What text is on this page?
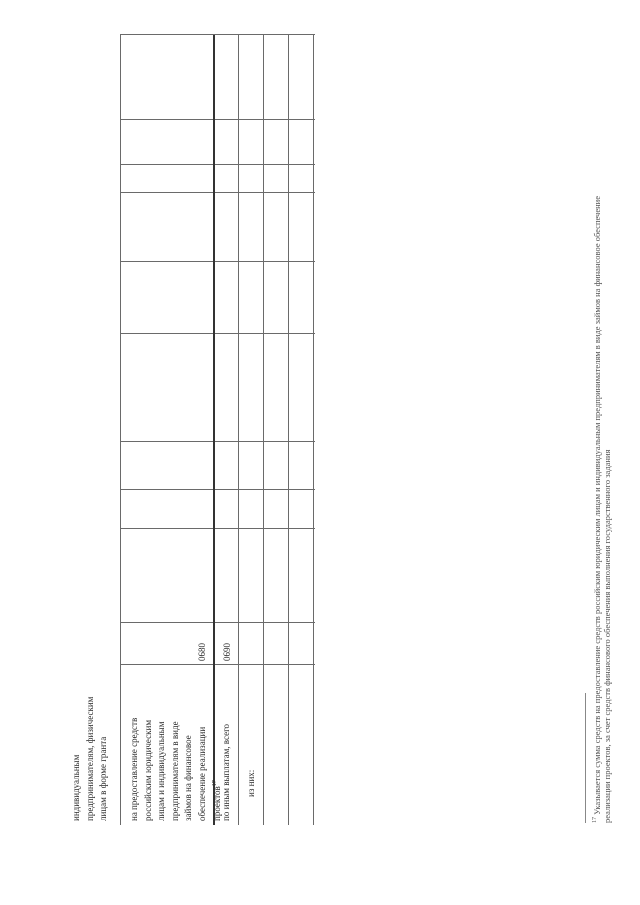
индивидуальным предпринимателям, физическим лицам в форме гранта на предоставление средств российским юридическим лицам и индивидуальным предпринимателям в виде займов на финансовое обеспечение реализации проектов$^{17}$
0680
по иным выплатам, всего
0690
из них:

$^{17}$ Указывается сумма средств на предоставление средств российским юридическим лицам и индивидуальным предпринимателям в виде займов на финансовое обеспечение реализации проектов, за счет средств финансового обеспечения выполнения государственного задания
